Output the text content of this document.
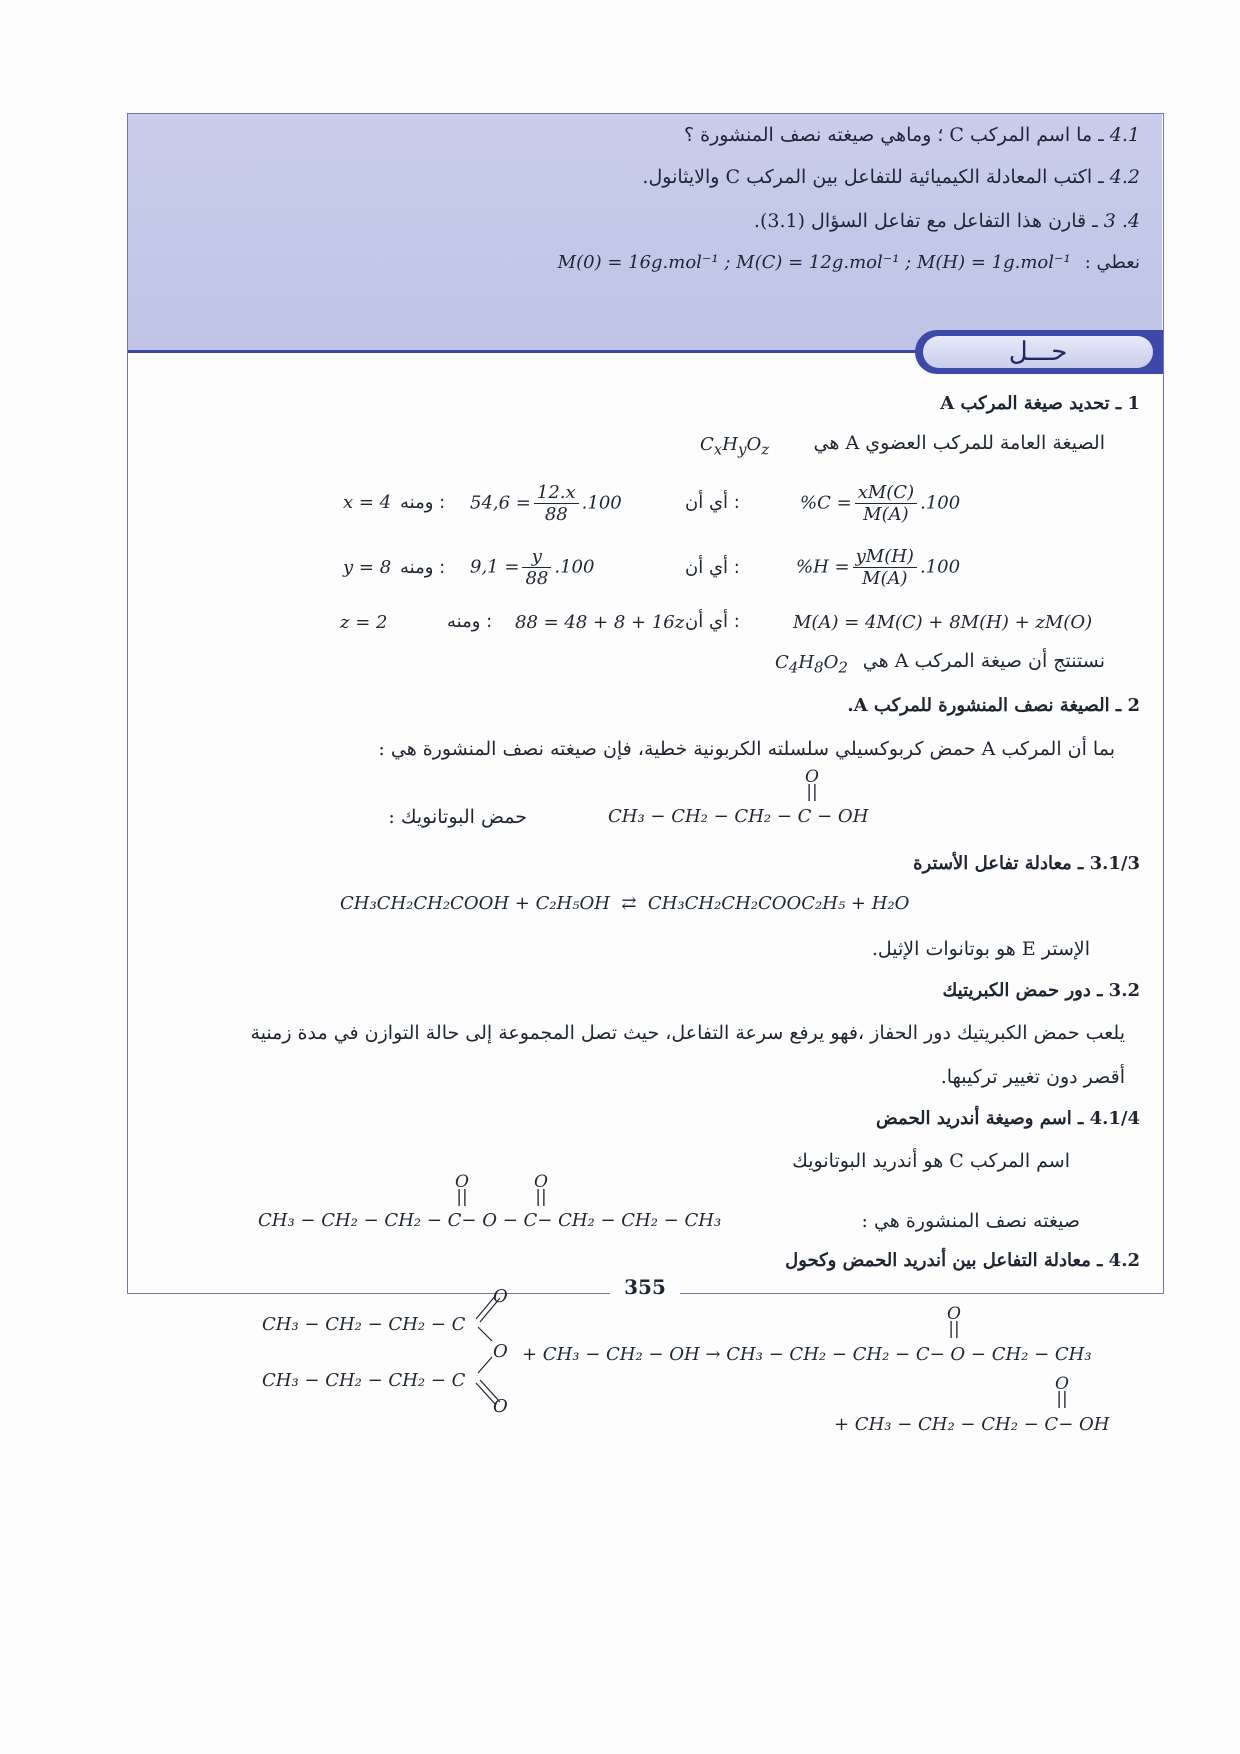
4.1 ـ ما اسم المركب C ؛ وماهي صيغته نصف المنشورة ؟
4.2 ـ اكتب المعادلة الكيميائية للتفاعل بين المركب C والايثانول.
4. 3 ـ قارن هذا التفاعل مع تفاعل السؤال (3.1).
نعطي :M(0) = 16g.mol⁻¹ ; M(C) = 12g.mol⁻¹ ; M(H) = 1g.mol⁻¹
حـــل
1 ـ تحديد صيغة المركب A
الصيغة العامة للمركب العضوي A هي
$C_xH_yO_z$
$\%C = \frac{xM(C)}{M(A)} .100$
أي أن :
$54,6 = \frac{12.x}{88} .100$
ومنه :
x = 4
$\%H = \frac{yM(H)}{M(A)} .100$
أي أن :
$9,1 = \frac{y}{88} .100$
ومنه :
y = 8
M(A) = 4M(C) + 8M(H) + zM(O)
أي أن :
88 = 48 + 8 + 16z
ومنه :
z = 2
نستنتج أن صيغة المركب A هي
$C_4H_8O_2$
2 ـ الصيغة نصف المنشورة للمركب A.
بما أن المركب A حمض كربوكسيلي سلسلته الكربونية خطية، فإن صيغته نصف المنشورة هي :
O
||
CH₃ − CH₂ − CH₂ − C − OH
حمض البوتانويك :
3.1/3 ـ معادلة تفاعل الأسترة
CH₃CH₂CH₂COOH + C₂H₅OH ⇄ CH₃CH₂CH₂COOC₂H₅ + H₂O
الإستر E هو بوتانوات الإثيل.
3.2 ـ دور حمض الكبريتيك
يلعب حمض الكبريتيك دور الحفاز ،فهو يرفع سرعة التفاعل، حيث تصل المجموعة إلى حالة التوازن في مدة زمنية
أقصر دون تغيير تركيبها.
4.1/4 ـ اسم وصيغة أندريد الحمض
اسم المركب C هو أندريد البوتانويك
O
||
O
||
CH₃ − CH₂ − CH₂ − C− O − C− CH₂ − CH₂ − CH₃	صيغته نصف المنشورة هي :
4.2 ـ معادلة التفاعل بين أندريد الحمض وكحول
CH₃ − CH₂ − CH₂ − C
CH₃ − CH₂ − CH₂ − C
O
O
O
O
||
+ CH₃ − CH₂ − OH → CH₃ − CH₂ − CH₂ − C− O − CH₂ − CH₃
O
||
+ CH₃ − CH₂ − CH₂ − C− OH
355
